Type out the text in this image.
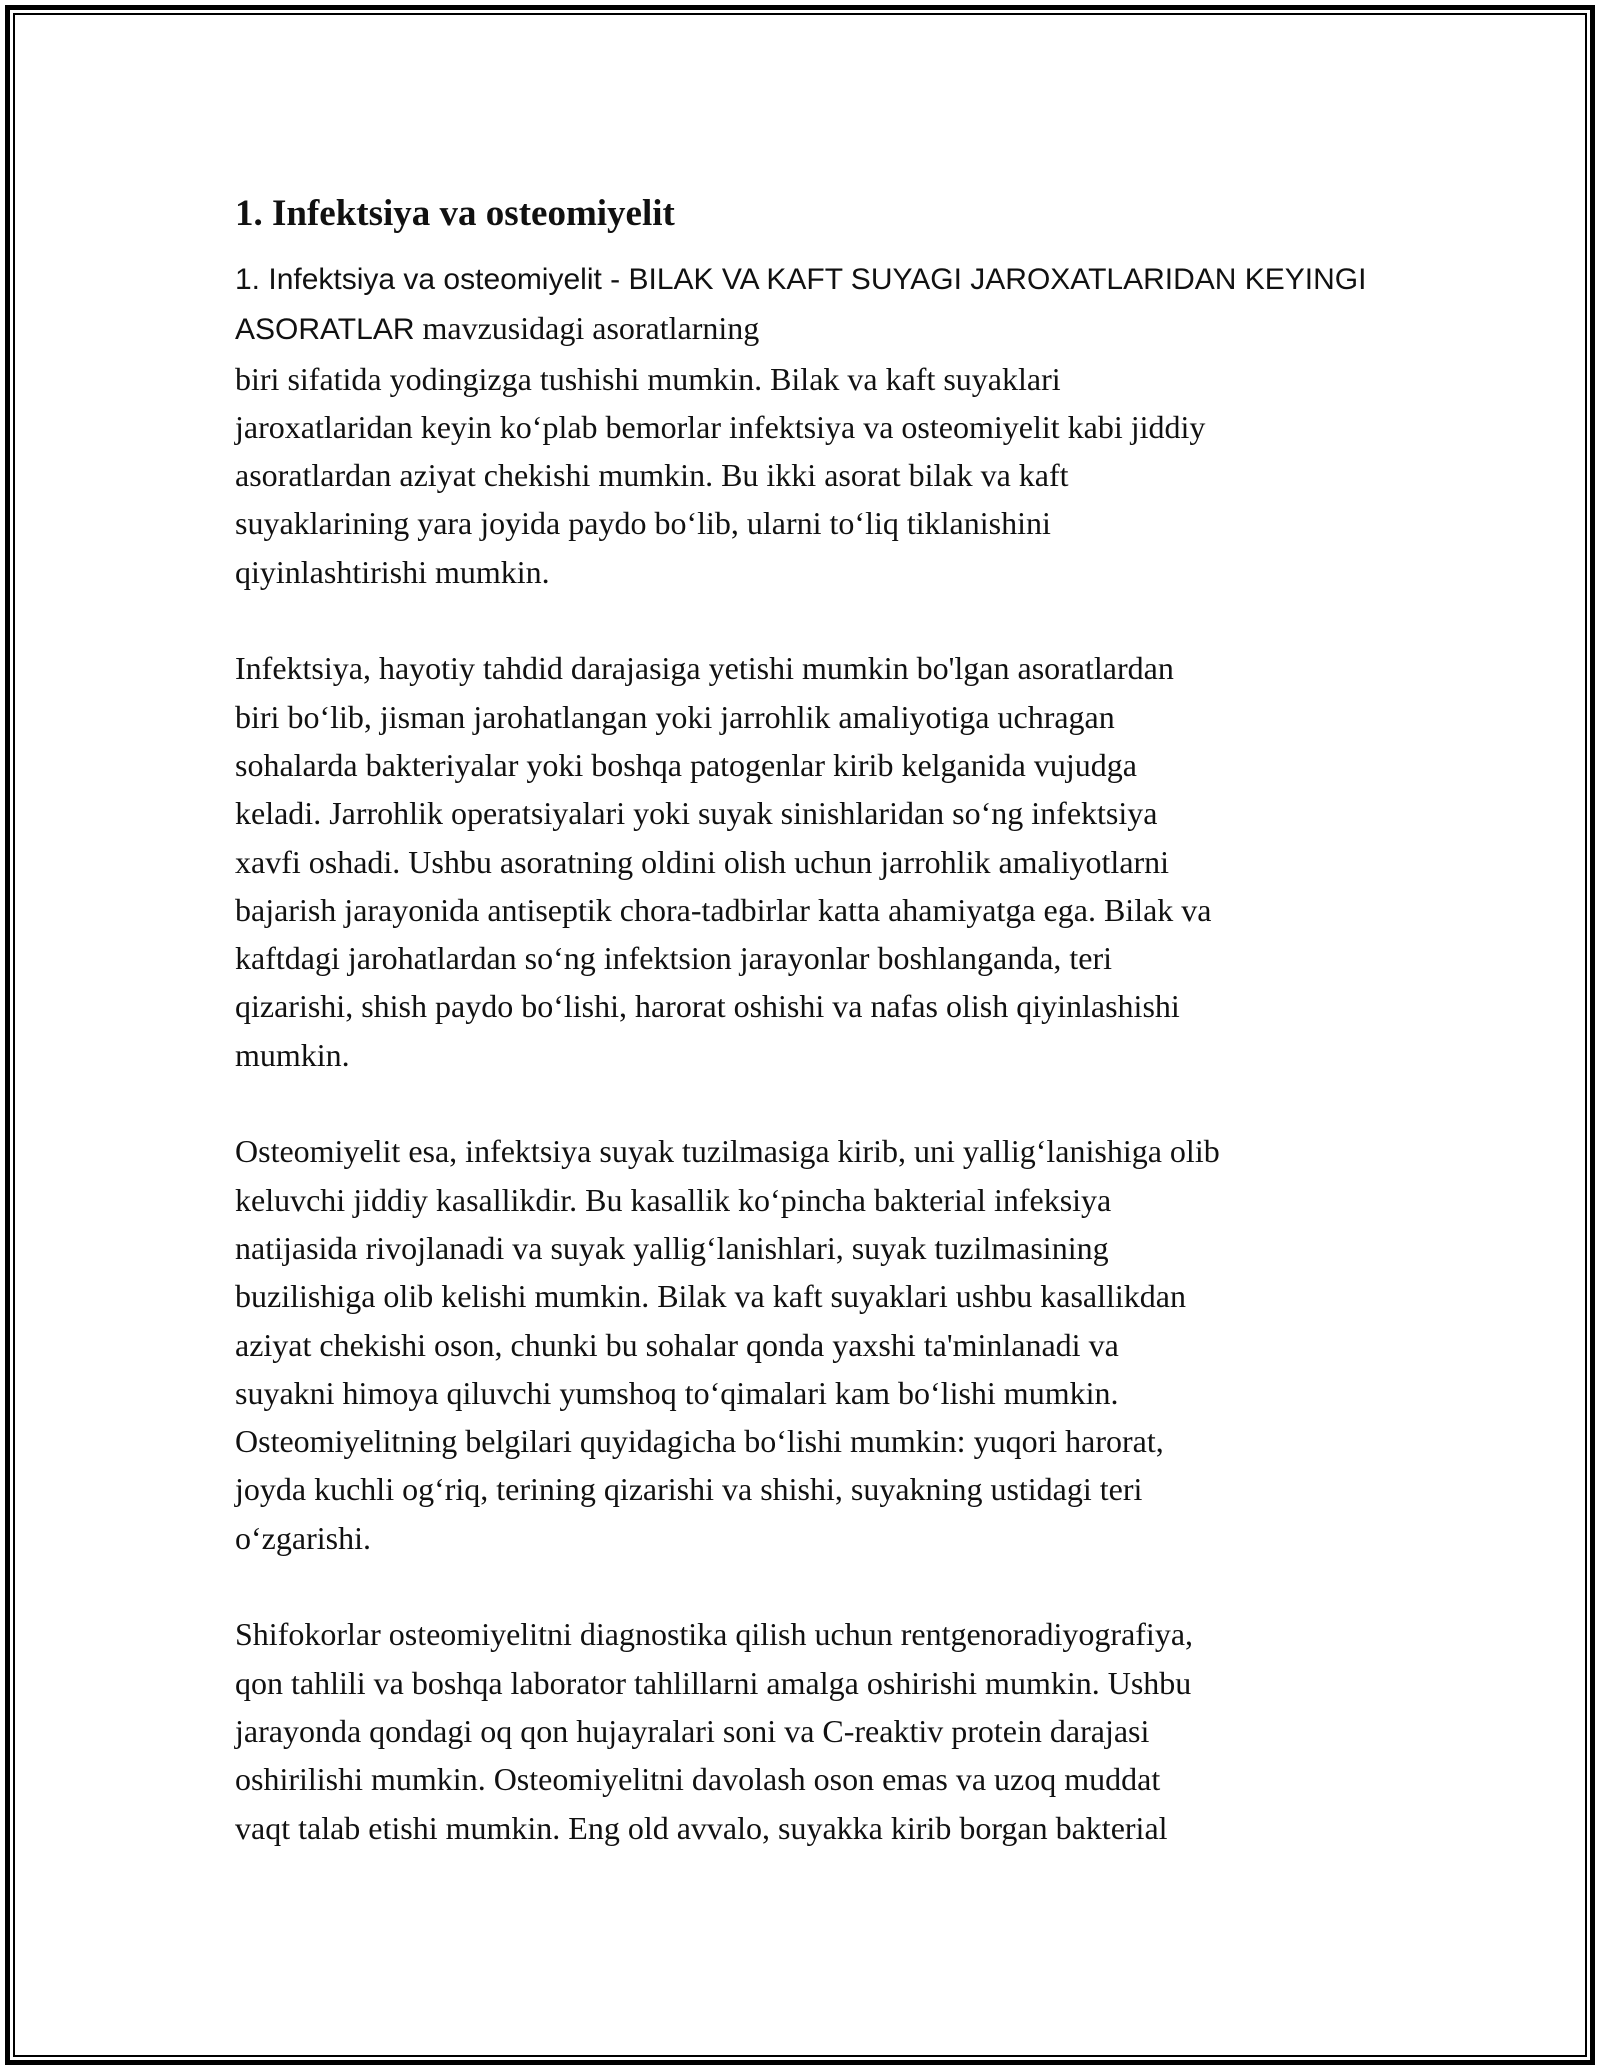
1. Infektsiya va osteomiyelit

1. Infektsiya va osteomiyelit - BILAK VA KAFT SUYAGI JAROXATLARIDAN KEYINGI ASORATLAR mavzusidagi asoratlarning
biri sifatida yodingizga tushishi mumkin. Bilak va kaft suyaklari
jaroxatlaridan keyin ko‘plab bemorlar infektsiya va osteomiyelit kabi jiddiy
asoratlardan aziyat chekishi mumkin. Bu ikki asorat bilak va kaft
suyaklarining yara joyida paydo bo‘lib, ularni to‘liq tiklanishini
qiyinlashtirishi mumkin.

Infektsiya, hayotiy tahdid darajasiga yetishi mumkin bo'lgan asoratlardan
biri bo‘lib, jisman jarohatlangan yoki jarrohlik amaliyotiga uchragan
sohalarda bakteriyalar yoki boshqa patogenlar kirib kelganida vujudga
keladi. Jarrohlik operatsiyalari yoki suyak sinishlaridan so‘ng infektsiya
xavfi oshadi. Ushbu asoratning oldini olish uchun jarrohlik amaliyotlarni
bajarish jarayonida antiseptik chora-tadbirlar katta ahamiyatga ega. Bilak va
kaftdagi jarohatlardan so‘ng infektsion jarayonlar boshlanganda, teri
qizarishi, shish paydo bo‘lishi, harorat oshishi va nafas olish qiyinlashishi
mumkin.

Osteomiyelit esa, infektsiya suyak tuzilmasiga kirib, uni yallig‘lanishiga olib
keluvchi jiddiy kasallikdir. Bu kasallik ko‘pincha bakterial infeksiya
natijasida rivojlanadi va suyak yallig‘lanishlari, suyak tuzilmasining
buzilishiga olib kelishi mumkin. Bilak va kaft suyaklari ushbu kasallikdan
aziyat chekishi oson, chunki bu sohalar qonda yaxshi ta'minlanadi va
suyakni himoya qiluvchi yumshoq to‘qimalari kam bo‘lishi mumkin.
Osteomiyelitning belgilari quyidagicha bo‘lishi mumkin: yuqori harorat,
joyda kuchli og‘riq, terining qizarishi va shishi, suyakning ustidagi teri
o‘zgarishi.

Shifokorlar osteomiyelitni diagnostika qilish uchun rentgenoradiyografiya,
qon tahlili va boshqa laborator tahlillarni amalga oshirishi mumkin. Ushbu
jarayonda qondagi oq qon hujayralari soni va C-reaktiv protein darajasi
oshirilishi mumkin. Osteomiyelitni davolash oson emas va uzoq muddat
vaqt talab etishi mumkin. Eng old avvalo, suyakka kirib borgan bakterial
